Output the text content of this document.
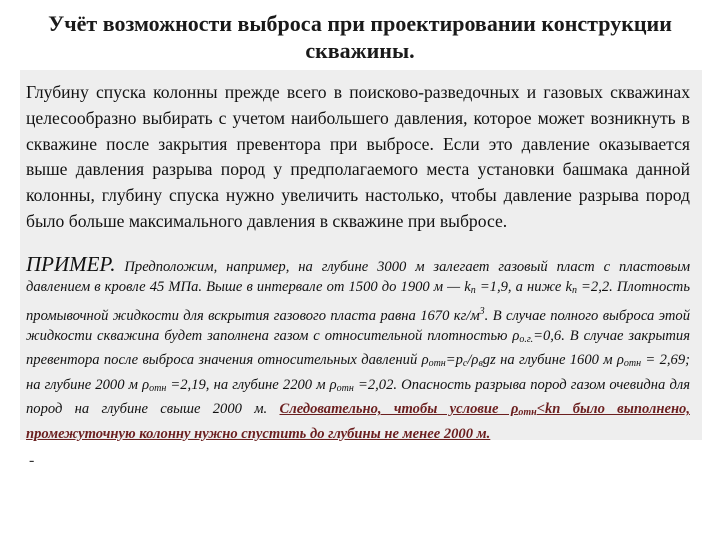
Учёт возможности выброса при проектировании конструкции скважины.
Глубину спуска колонны прежде всего в поисково-разведочных и газовых скважинах целесообразно выбирать с учетом наибольшего давления, которое может возникнуть в скважине после закрытия превентора при выбросе. Если это давление оказывается выше давления разрыва пород у предполагаемого места установки башмака данной колонны, глубину спуска нужно увеличить настолько, чтобы давление разрыва пород было больше максимального давления в скважине при выбросе.
ПРИМЕР. Предположим, например, на глубине 3000 м залегает газовый пласт с пластовым давлением в кровле 45 МПа. Выше в интервале от 1500 до 1900 м — $k_п =1,9$, а ниже $k_п =2,2$. Плотность промывочной жидкости для вскрытия газового пласта равна 1670 $кг/м^3$. В случае полного выброса этой жидкости скважина будет заполнена газом с относительной плотностью $\rho_{о.г.}=0,6$. В случае закрытия превентора после выброса значения относительных давлений $\rho_{отн}=p_с/\rho_вgz$ на глубине 1600 м $\rho_{отн} = 2,69$; на глубине 2000 м $\rho_{отн} =2,19$, на глубине 2200 м $\rho_{отн} =2,02$. Опасность разрыва пород газом очевидна для пород на глубине свыше 2000 м. Следовательно, чтобы условие $\rho_{отн}<kп$ было выполнено, промежуточную колонну нужно спустить до глубины не менее 2000 м.
-
